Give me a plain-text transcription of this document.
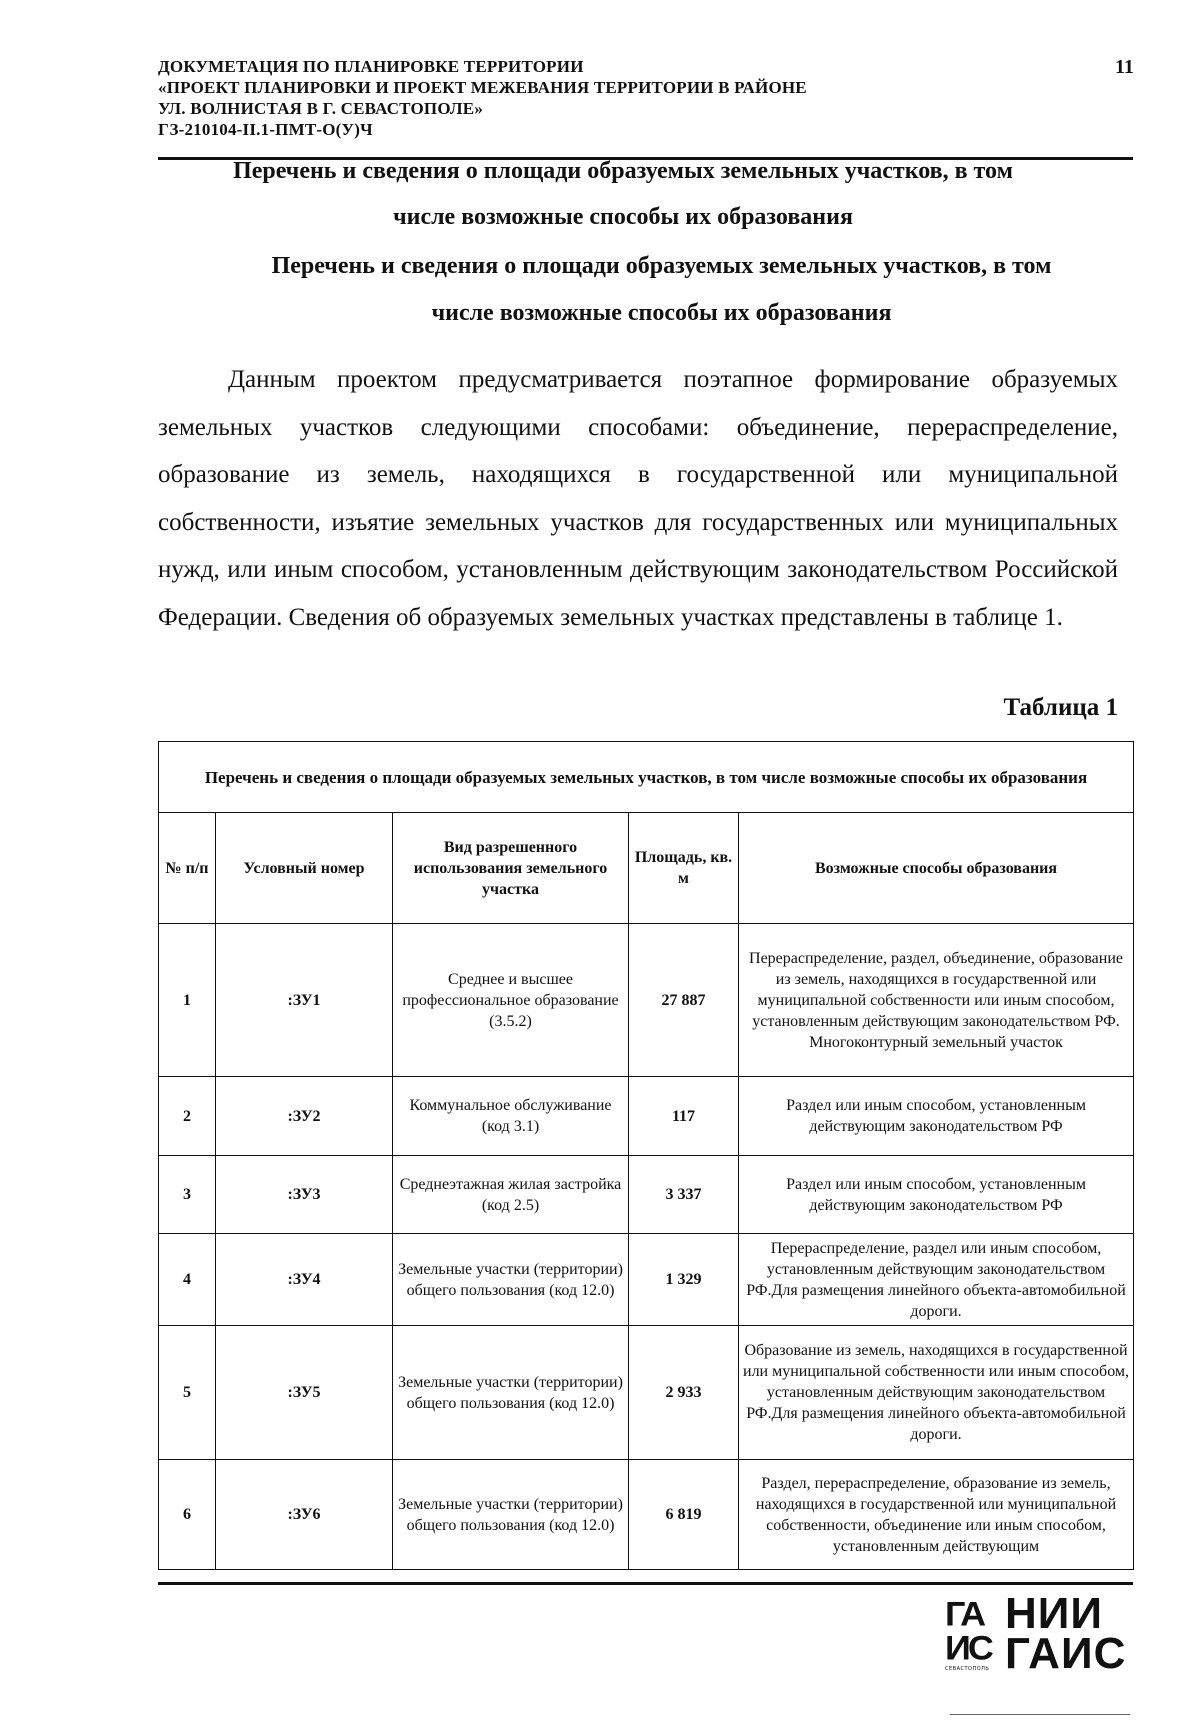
ДОКУМЕТАЦИЯ ПО ПЛАНИРОВКЕ ТЕРРИТОРИИ
«ПРОЕКТ ПЛАНИРОВКИ И ПРОЕКТ МЕЖЕВАНИЯ ТЕРРИТОРИИ В РАЙОНЕ
УЛ. ВОЛНИСТАЯ В Г. СЕВАСТОПОЛЕ»
ГЗ-210104-II.1-ПМТ-О(У)Ч
11
Перечень и сведения о площади образуемых земельных участков, в том
числе возможные способы их образования
Перечень и сведения о площади образуемых земельных участков, в том
числе возможные способы их образования

Данным проектом предусматривается поэтапное формирование образуемых земельных участков следующими способами: объединение, перераспределение, образование из земель, находящихся в государственной или муниципальной собственности, изъятие земельных участков для государственных или муниципальных нужд, или иным способом, установленным действующим законодательством Российской Федерации. Сведения об образуемых земельных участках представлены в таблице 1.

Таблица 1
Перечень и сведения о площади образуемых земельных участков, в том числе возможные способы их образования				
№ п/п	Условный номер	Вид разрешенного использования земельного участка	Площадь, кв. м	Возможные способы образования
1	:ЗУ1	Среднее и высшее профессиональное образование (3.5.2)	27 887	Перераспределение, раздел, объединение, образование из земель, находящихся в государственной или муниципальной собственности или иным способом, установленным действующим законодательством РФ. Многоконтурный земельный участок
2	:ЗУ2	Коммунальное обслуживание (код 3.1)	117	Раздел или иным способом, установленным действующим законодательством РФ
3	:ЗУ3	Среднеэтажная жилая застройка (код 2.5)	3 337	Раздел или иным способом, установленным действующим законодательством РФ
4	:ЗУ4	Земельные участки (территории) общего пользования (код 12.0)	1 329	Перераспределение, раздел или иным способом, установленным действующим законодательством РФ.Для размещения линейного объекта-автомобильной дороги.
5	:ЗУ5	Земельные участки (территории) общего пользования (код 12.0)	2 933	Образование из земель, находящихся в государственной или муниципальной собственности или иным способом, установленным действующим законодательством РФ.Для размещения линейного объекта-автомобильной дороги.
6	:ЗУ6	Земельные участки (территории) общего пользования (код 12.0)	6 819	Раздел, перераспределение, образование из земель, находящихся в государственной или муниципальной собственности, объединение или иным способом, установленным действующим
ГА
ИС
НИИ
ГАИС
СЕВАСТОПОЛЬ
